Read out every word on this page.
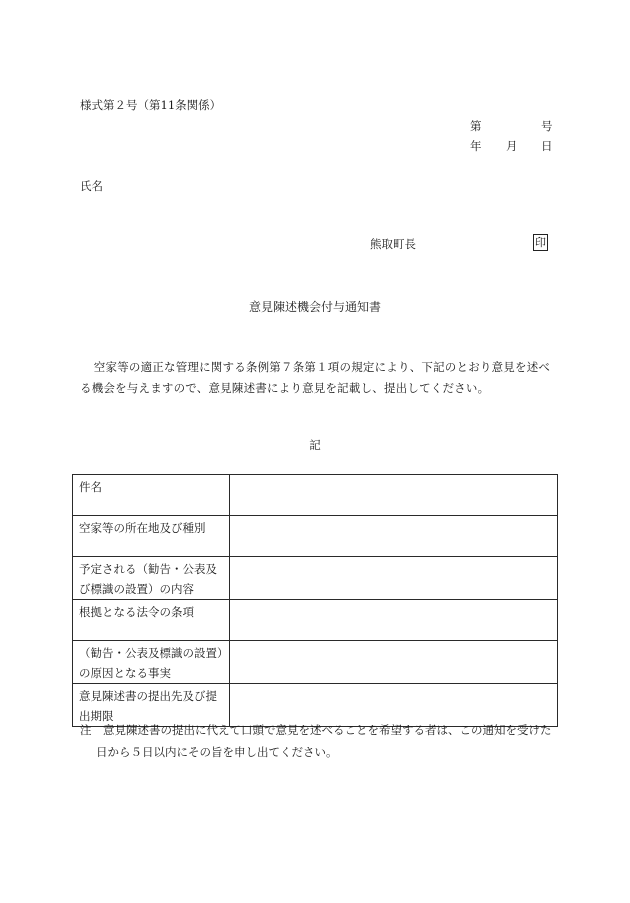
様式第２号（第11条関係）
第	号
年 月 日
氏名
熊取町長	印
意見陳述機会付与通知書
空家等の適正な管理に関する条例第７条第１項の規定により、下記のとおり意見を述べる機会を与えますので、意見陳述書により意見を記載し、提出してください。
記
件名	
空家等の所在地及び種別	
予定される（勧告・公表及び標識の設置）の内容	
根拠となる法令の条項	
（勧告・公表及標識の設置）の原因となる事実	
意見陳述書の提出先及び提出期限	
注　意見陳述書の提出に代えて口頭で意見を述べることを希望する者は、この通知を受けた日から５日以内にその旨を申し出てください。
